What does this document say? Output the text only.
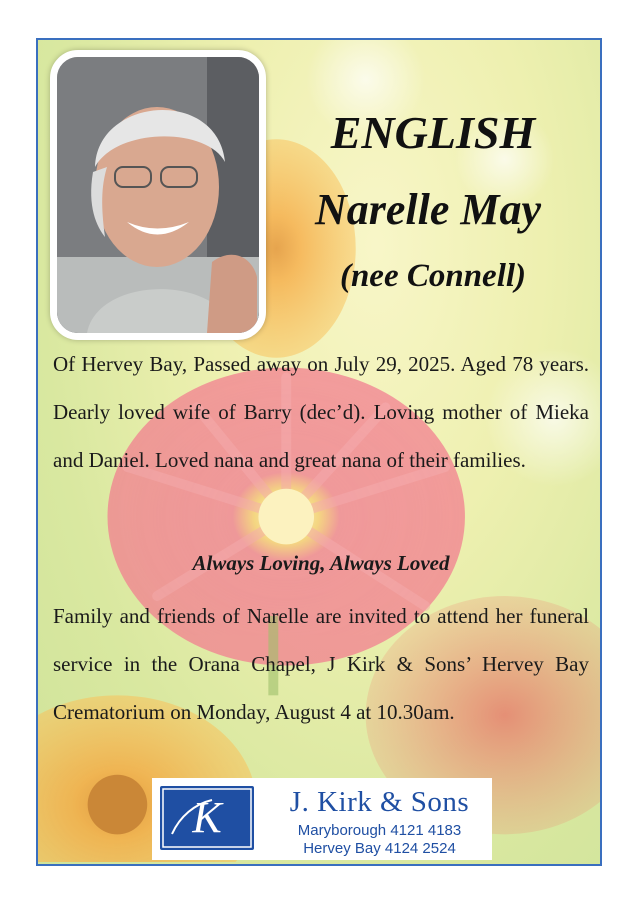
ENGLISH
Narelle May
(nee Connell)
Of Hervey Bay, Passed away on July 29, 2025. Aged 78 years. Dearly loved wife of Barry (dec’d). Loving mother of Mieka and Daniel. Loved nana and great nana of their families.
Always Loving, Always Loved
Family and friends of Narelle are invited to attend her funeral service in the Orana Chapel, J Kirk & Sons’ Hervey Bay Crematorium on Monday, August 4 at 10.30am.
K	J. Kirk & Sons
Maryborough 4121 4183
Hervey Bay 4124 2524
